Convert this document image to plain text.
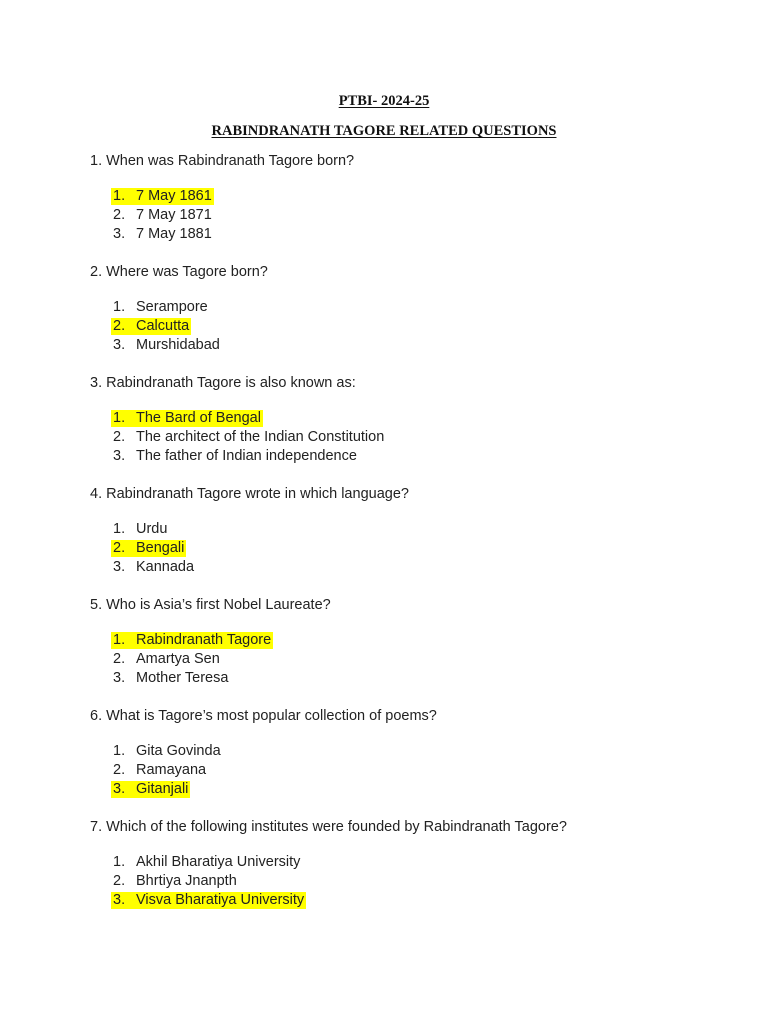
PTBI- 2024-25
RABINDRANATH TAGORE RELATED QUESTIONS
1. When was Rabindranath Tagore born?
1. 7 May 1861
2. 7 May 1871
3. 7 May 1881
2. Where was Tagore born?
1. Serampore
2. Calcutta
3. Murshidabad
3. Rabindranath Tagore is also known as:
1. The Bard of Bengal
2. The architect of the Indian Constitution
3. The father of Indian independence
4. Rabindranath Tagore wrote in which language?
1. Urdu
2. Bengali
3. Kannada
5. Who is Asia’s first Nobel Laureate?
1. Rabindranath Tagore
2. Amartya Sen
3. Mother Teresa
6. What is Tagore’s most popular collection of poems?
1. Gita Govinda
2. Ramayana
3. Gitanjali
7. Which of the following institutes were founded by Rabindranath Tagore?
1. Akhil Bharatiya University
2. Bhrtiya Jnanpth
3. Visva Bharatiya University
